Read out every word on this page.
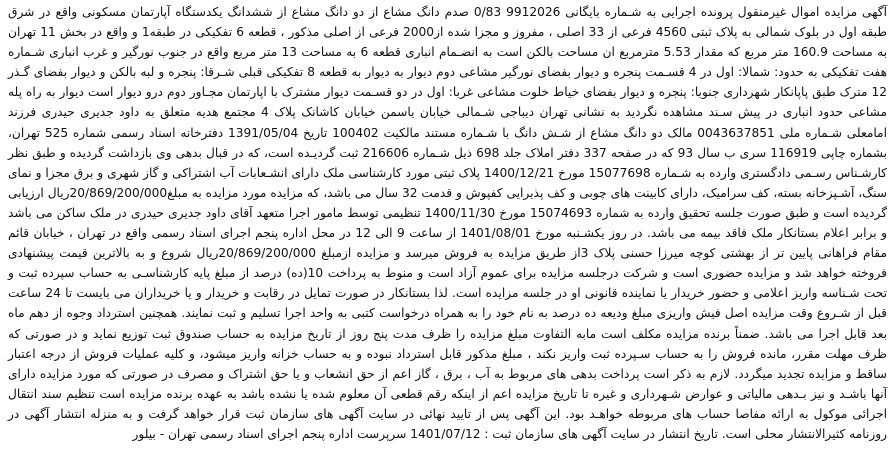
آگهی مزایده اموال غیرمنقول پرونده اجرایی به شـماره بایگانی 9912026 0/83 صدم دانگ مشاع از دو دانگ مشاع از ششدانگ یکدستگاه آپارتمان مسکونی واقع در شرق طبقه اول در بلوک شمالی به پلاک ثبتی 4560 فرعی از 33 اصلی ، مفروز و مجزا شده از2000 فرعی از اصلی مذکور ، قطعه 6 تفکیکی در طبقه1 و واقع در بخش 11 تهران به مساحت 160.9 متر مربع که مقدار 5.53 مترمربع ان مساحت بالکن است به انضـمام انباری قطعه 6 به مساحت 13 متر مربع واقع در جنوب نورگیر و غرب انباری شـماره هفت تفکیکی به حدود: شمالا: اول در 4 قسـمت پنجره و دیوار بفضای نورگیر مشاعی دوم دیوار به دیوار به قطعه 8 تفکیکی قبلی شـرقا: پنجره و لبه بالکن و دیوار بفضای گـذر 12 مترک طبق پاپانکار شهرداری جنوبا: پنجره و دیوار بفضای خیاط خلوت مشاعی غربا: اول در دو قسـمت دیوار مشترک با اپارتمان مجـاور دوم درو دیوار است دیوار به راه پله مشاعی حدود انباری در پیش سـند مشاهده نگردید به نشانی تهران دیباجی شـمالی خیابان یاسمن خیابان کاشانک پلاک 4 مجتمع هدیه متعلق به داود جدیری حیدری فرزند امامعلی شـماره ملی 0043637851 مالک دو دانگ مشاع از شـش دانگ با شـماره مستند مالکیت 100402 تاریخ 1391/05/04 دفترخانه اسناد رسمی شماره 525 تهران، بشماره چاپی 116919 سری ب سال 93 که در صفحه 337 دفتر املاک جلد 698 ذیل شـماره 216606 ثبت گردیـده است، که در قبال بدهی وی بازداشت گردیده و طبق نظر کارشـناس رسـمی دادگستری وارده به شـماره 15077698 مورخ 1400/12/21 پلاک ثبتی مورد کارشناسی ملک دارای انشـعابات آب اشتراکی و گاز شهری و برق مجزا و نمای سنگ، آشـپزخانه بسته، کف سرامیک، دارای کابینت های چوبی و کف پذیرایی کفپوش و قدمت 32 سال می باشد، که مزایده مورد مزایده به مبلغ20/869/200/000ریال ارزیابی گردیده است و طبق صورت جلسه تحقیق وارده به شماره 15074693 مورخ 1400/11/30 تنظیمی توسط مامور اجرا متعهد آقای داود جدیری حیدری در ملک ساکن می باشد و برابر اعلام بستانکار ملک فاقد بیمه می باشد. در روز یکشـنبه مورخ 1401/08/01 از ساعت 9 الی 12 در محل اداره پنجم اجرای اسناد رسمی واقع در تهران ، خیابان قائم مقام فراهانی پایین تر از بهشتی کوچه میرزا حسنی پلاک 3از طریق مزایده به فروش میرسد و مزایده ازمبلغ 20/869/200/000ریال شروع و به بالاترین قیمت پیشنهادی فروخته خواهد شد و مزایده حضوری است و شرکت درجلسه مزایده برای عموم آزاد است و منوط به پرداخت 10(ده) درصد از مبلغ پایه کارشناسـی به حساب سپرده ثبت و تحت شـناسه واریز اعلامی و حضور خریدار یا نماینده قانونی او در جلسه مزایده است. لذا بستانکار در صورت تمایل در رقابت و خریدار و یا خریداران می بایست تا 24 ساعت قبل از شـروع وقت مزایده اصل فیش واریزی مبلغ ودیعه ده درصد به نام خود را به همراه درخواست کتبی به واحد اجرا تسلیم و ثبت نمایند. همچنین استرداد وجوه از دهم ماه بعد قابل اجرا می باشد. ضمناً برنده مزایده مکلف است مابه التفاوت مبلغ مزایده را ظرف مدت پنج روز از تاریخ مزایده به حساب صندوق ثبت توزیع نماید و در صورتی که ظرف مهلت مقرر، مانده فروش را به حساب سـپرده ثبت واریز نکند ، مبلغ مذکور قابل استرداد نبوده و به حساب خزانه واریز میشود، و کلیه عملیات فروش از درجه اعتبار ساقط و مزایده تجدید میگردد. لازم به ذکر است پرداخت بدهی های مربوط به آب ، برق ، گاز اعم از حق انشعاب و یا حق اشتراک و مصرف در صورتی که مورد مزایده دارای آنها باشـد و نیز بـدهی مالیاتی و عوارض شـهرداری و غیره تا تاریخ مزایده اعم از اینکه رقم قطعی آن معلوم شده یا نشده باشد به عهده برنده مزایده است تنظیم سند انتقال اجرائی موکول به ارائه مفاصا حساب های مربوطه خواهـد بود. این آگهی پس از تایید نهائی در سایت آگهی های سازمان ثبت قرار خواهد گرفت و به منزله انتشار آگهی در روزنامه کثیرالانتشار محلی است. تاریخ انتشار در سایت آگهی های سازمان ثبت : 1401/07/12 سرپرست اداره پنجم اجرای اسناد رسمی تهران - بیلور
